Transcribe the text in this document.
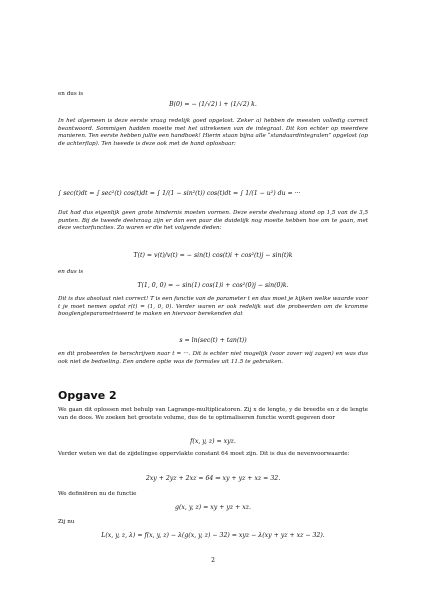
en dus is
B(0) = − (1/√2) i + (1/√2) k.
In het algemeen is deze eerste vraag redelijk goed opgelost. Zeker a) hebben de meesten volledig correct beantwoord. Sommigen hadden moeite met het uitrekenen van de integraal. Dit kon echter op meerdere manieren. Ten eerste hebben jullie een handboek! Hierin staan bijna alle “standaardintegralen” opgelost (op de achterflap). Ten tweede is deze ook met de hand oplosbaar:
∫ sec(t)dt = ∫ sec²(t) cos(t)dt = ∫ 1/(1 − sin²(t)) cos(t)dt = ∫ 1/(1 − u²) du = ···
Dat had dus eigenlijk geen grote hindernis moeten vormen. Deze eerste deelvraag stond op 1,5 van de 3,5 punten. Bij de tweede deelvraag zijn er dan een paar die duidelijk nog moeite hebben hoe om te gaan, met deze vectorfuncties. Zo waren er die het volgende deden:
T(t) = v(t)/v(t) = − sin(t) cos(t)i + cos²(t)j − sin(t)k
en dus is
T(1, 0, 0) = − sin(1) cos(1)i + cos²(0)j − sin(0)k.
Dit is dus absoluut niet correct! T is een functie van de parameter t en dus moet je kijken welke waarde voor t je moet nemen opdat r(t) = (1, 0, 0). Verder waren er ook redelijk wat die probeerden om de kromme booglengteparametriseerd te maken en hiervoor berekenden dat
s = ln(sec(t) + tan(t))
en dit probeerden te herschrijven naar t = ···. Dit is echter niet mogelijk (voor zover wij zagen) en was dus ook niet de bedoeling. Een andere optie was de formules uit 11.5 te gebruiken.
Opgave 2
We gaan dit oplossen met behulp van Lagrange-multiplicatoren. Zij x de lengte, y de breedte en z de lengte van de doos. We zoeken het grootste volume, dus de te optimaliseren functie wordt gegeven door
f(x, y, z) = xyz.
Verder weten we dat de zijdelingse oppervlakte constant 64 moet zijn. Dit is dus de nevenvoorwaarde:
2xy + 2yz + 2xz = 64 ⇒ xy + yz + xz = 32.
We definiëren nu de functie
g(x, y, z) = xy + yz + xz.
Zij nu
L(x, y, z, λ) = f(x, y, z) − λ(g(x, y, z) − 32) = xyz − λ(xy + yz + xz − 32).
2
